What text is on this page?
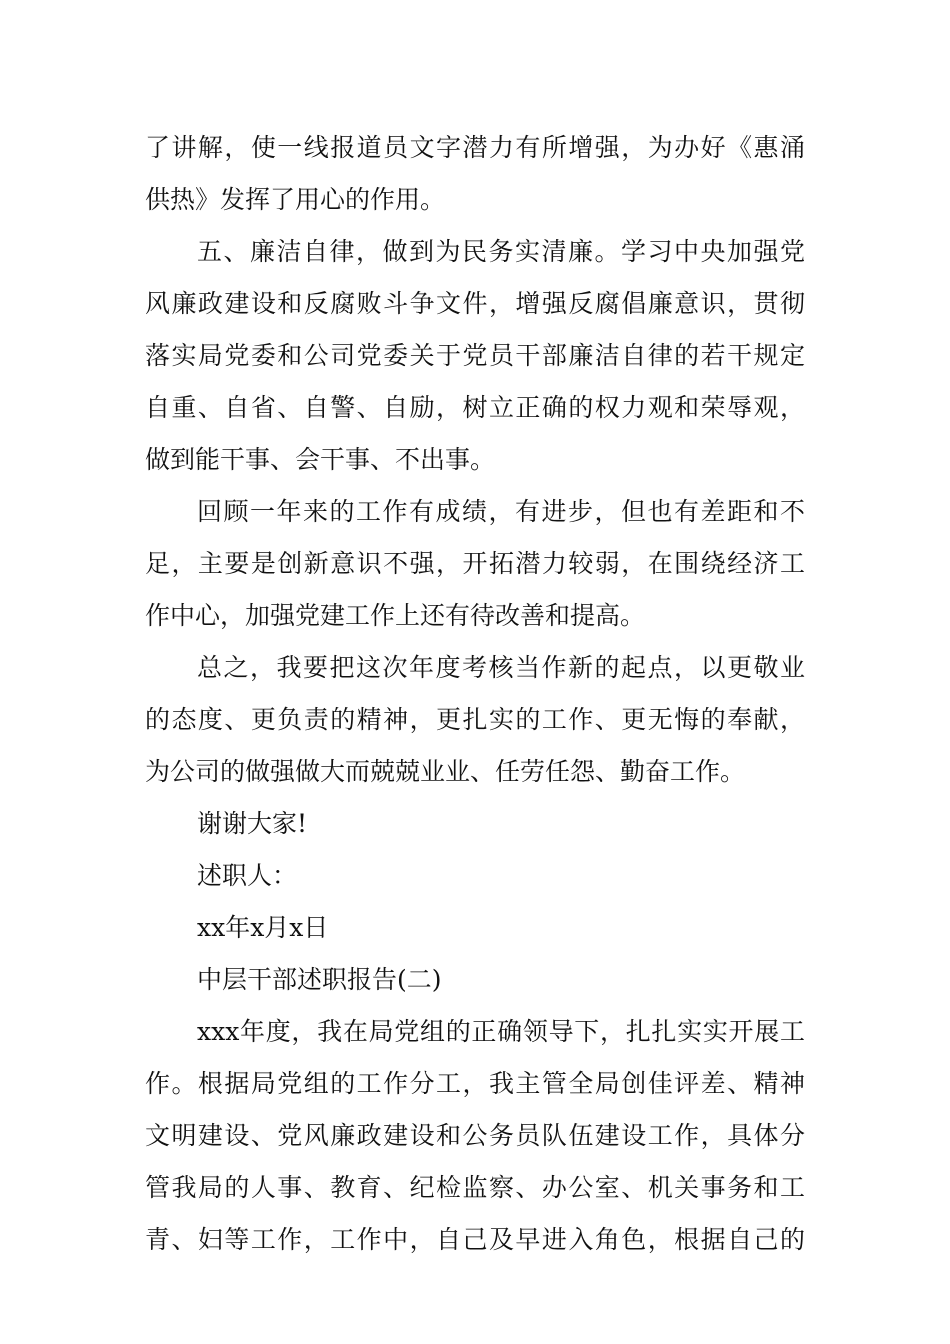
了讲解，使一线报道员文字潜力有所增强，为办好《惠涌
供热》发挥了用心的作用。
五、廉洁自律，做到为民务实清廉。学习中央加强党
风廉政建设和反腐败斗争文件，增强反腐倡廉意识，贯彻
落实局党委和公司党委关于党员干部廉洁自律的若干规定
自重、自省、自警、自励，树立正确的权力观和荣辱观，
做到能干事、会干事、不出事。
回顾一年来的工作有成绩，有进步，但也有差距和不
足，主要是创新意识不强，开拓潜力较弱，在围绕经济工
作中心，加强党建工作上还有待改善和提高。
总之，我要把这次年度考核当作新的起点，以更敬业
的态度、更负责的精神，更扎实的工作、更无悔的奉献，
为公司的做强做大而兢兢业业、任劳任怨、勤奋工作。
谢谢大家!
述职人：
xx年x月x日
中层干部述职报告(二)
xxx年度，我在局党组的正确领导下，扎扎实实开展工
作。根据局党组的工作分工，我主管全局创佳评差、精神
文明建设、党风廉政建设和公务员队伍建设工作，具体分
管我局的人事、教育、纪检监察、办公室、机关事务和工
青、妇等工作，工作中，自己及早进入角色，根据自己的
